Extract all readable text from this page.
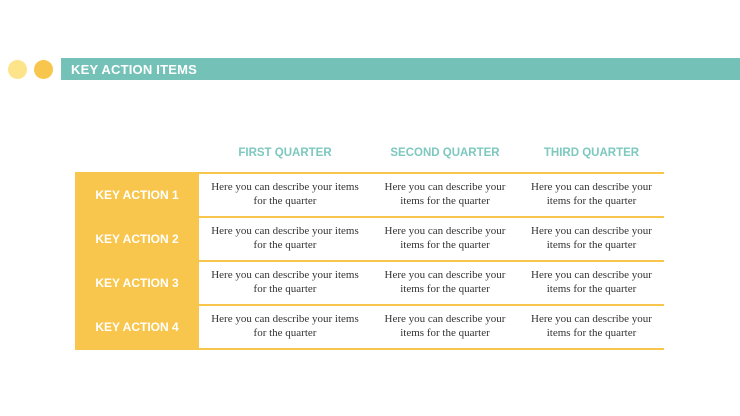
KEY ACTION ITEMS
FIRST QUARTER	SECOND QUARTER	THIRD QUARTER
KEY ACTION 1
Here you can describe your items for the quarter
Here you can describe your items for the quarter
Here you can describe your items for the quarter
KEY ACTION 2
Here you can describe your items for the quarter
Here you can describe your items for the quarter
Here you can describe your items for the quarter
KEY ACTION 3
Here you can describe your items for the quarter
Here you can describe your items for the quarter
Here you can describe your items for the quarter
KEY ACTION 4
Here you can describe your items for the quarter
Here you can describe your items for the quarter
Here you can describe your items for the quarter
